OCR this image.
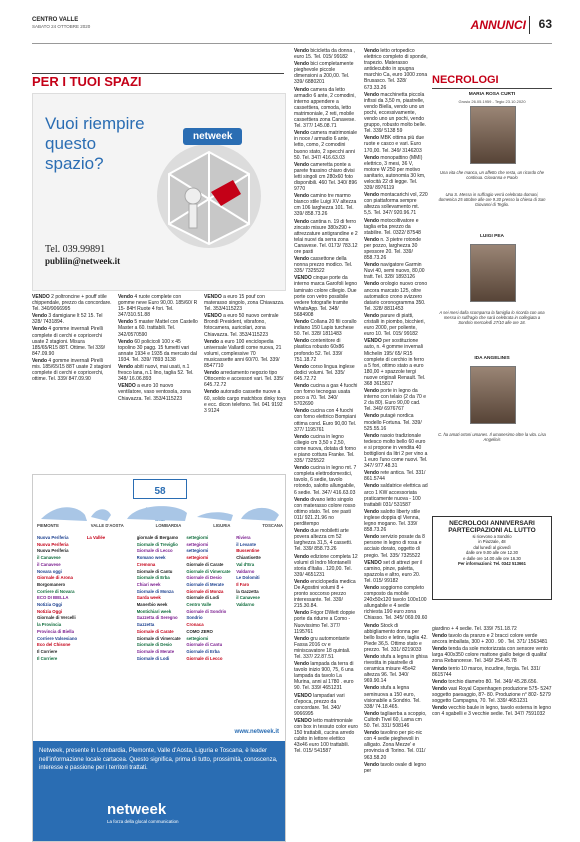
CENTRO VALLE
SABATO 24 OTTOBRE 2020	ANNUNCI 63
PER I TUOI SPAZI
Vuoi riempire questo spazio?
netweek
Tel. 039.99891
publiin@netweek.it
VENDO 2 poltroncine + pouff stile chippendale, prezzo da concordare. Tel. 340/9066995
Vendo 3 damigiane lt 52 15. Tel 328/ 7431894.
Vendo 4 gomme invernali Pirelli complete di cerchi e copricerchi usate 2 stagioni. Misura 185/65/R15 88T. Ottime. Tel 339/ 847.09.90
Vendo 4 gomme invernali Pirelli mis. 185/65/15 88T usate 2 stagioni complete di cerchi e copricerchi, ottime. Tel. 339/ 847.09.90
Vendo 4 ruote complete con gomme neve Euro 90,00. 185/60/ R 15- 84H Ruote 4 fori. Tel. 347/310.51.88
Vendo 5 master Mattel con Castello Master a 60. trattabili. Tel. 342/0570590
Vendo 60 policicoli 100 x 45 topolino 30 pagg. 15 fumetti vari annate 1934 e 1935 da mercato dal 1934. Tel. 339/ 7893 3138
Vendo abiti nuovi, mai usati, n.1 fresco lana, n.1 lino, taglia 52. Tel. 348/ 16.06.893
VENDO a euro 10 nuovo ventilatore, vaso ventosola, zona Chiavazza. Tel. 353/4115223
VENDO a euro 15 pouf con materasso singolo, zona Chiavazza. Tel. 353/4115223
VENDO a euro 50 nuovo centrale Brondi President, vibrafono, fotocamera, auricolari, zona Chiavazza. Tel. 353/4115223
Vendo a euro 100 enciclopedia universale Vallardi come nuova, 21 volumi, complessive 70 musicassette anni 60/70. Tel. 339/ 8547710
Vendo arredamento negozio tipo Ottocento e accessori vari. Tel. 335/ 645.72.72
Vendo autoradio cassette nuove a 60, solido cargo matchbox dinky toys e ecc. dicon telefono. Tel. 041 9192 3 9124
Vendo bicicletta da donna , euro 15. Tel. 015/ 99182
Vendo bici completamente pieghevole piccole dimensioni a 200,00. Tel. 339/ 6880201
Vendo camera da letto armadio 6 ante, 2 comodini, interno appendere a cassettiera, comoda, letto matrimoniale, 2 reti, mobile cassettiera zona Canavese. Tel. 377/ 145.08.71
Vendo camera matrimoniale in noce / armadio 6 ante, letto, como, 2 comodini buono stato, 2 specchi anni 50. Tel. 347/ 416.63.03
Vendo cameretta ponte a parete frassino chiaro divisi letti singoli cm 280x60 foto disponibili. 460 Tel. 340/ 896 9770
Vendo camino tre marmo bianco stile Luigi XV altezza cm 106 larghezza 101. Tel. 339/ 858.73.26
Vendo cantina n. 19 di ferro zincato misure 380x290 + attrezzature antigrandine e 2 telai nuovi da serra zona Canavese. Tel. 0173/ 783.12 ore pasti
Vendo cassettone della nonna prezzo modico. Tel. 335/ 7325522
VENDO cinque porte da interno marca Garofoli legno laminato colore ciliegio. Due porte con vetro possibile vedere fotografie tramite WhatsApp. Tel. 348/ 5684908
Vendo Collana 20 fili corallo indiano 150 Lapis turchese 50. Tel. 328/ 1811483
Vendo contenitore di plastica robusto 60x86 profondo 52. Tel. 339/ 751.18.72
Vendo corso lingua inglese dodici volumi. Tel. 335/ 645.72.72
Vendo cucina a gas 4 fuochi con forno tecnogas usata poco a 70. Tel. 340/ 5702690
Vendo cucina con 4 fuochi con forno elettrico Bompiani ottima cond. Euro 90,00 Tel. 377/ 1195761
Vendo cucina in legno ciliegio cm 3,50 x 2,50, come nuova, dotata di forno e piano cottura Franke. Tel. 335/ 7325522
Vendo cucina in legno mt. 7 completa elettrodomestici, tavolo, 6 sedie, tavolo rotondo, salotto allungabile, 6 sedie. Tel. 347/ 416.63.03
Vendo divano letto singolo con materasso colore rosso ottimo stato. Tel. ore pasti 011/ 921.21.96 no perditempo
Vendo due mobiletti arte povera altezza cm 52 larghezza 31,5, 4 cassetti. Tel. 339/ 858.73.26
Vendo edizione completa 12 volumi di Indro Montanelli storia d'Italia . 120,00. Tel. 339/ 4651231
Vendo enciclopedia medica De Agostini volumi 8 + pronto soccorso prezzo interessante. Tel. 339/ 215.30.84.
Vendo Frigor DWett doppie porte da ridurre a Como - Nuovissimo Tel. 377/ 1195761
Vendo gru automontante Fassa 2016 cv e miniscavatore 18 quintali. Tel. 337/ 22.87.51
Vendo lampada da terra di tavolo inizio 900, 75, 6 una lampada da tavolo La Murina, anni al 1780 . euro 90. Tel. 339/ 4651231
VENDO lampadari vari d'epoca, prezzo da concordare. Tel. 340/ 9066995
VENDO letto matrimoniale con box in tessuto color euro 150 trattabili, cucina arredo cubito in lettore elettico 43x46 euro 100 trattabili. Tel. 015/ 541587
Vendo letto ortopedico elettrico completo di sponde, trapezio. Materasso antidecubito in spugna marchio Ca, euro 1000 zona Brusasco. Tel. 328/ 673.33.26
Vendo macchinetta piccola infissi da 3,50 m, piastrelle, vendo Biella, vendo uno un pochi, eccessivamente, vendo uno un pochi, vendo gruppo, robusto molto belle. Tel. 339/ 5138 59
Vendo MBK ottima più due ruote e casco e vari. Euro 170,00. Tel. 349/ 3146203
Vendo monopattino (MMI) elettrico, 3 mesi, 36 V, motore W 250 per motivo sanitario, autonomia 30 km, velocità 22 di legge. Tel. 339/ 8976119
Vendo montacarichi vol, 220 con piattaforma sempre altezza sollevamento mt. 5,5. Tel. 347/ 920.96.71
Vendo motocoltivatore e taglia erba prezzo da stabilire. Tel. 0322/ 87548
Vendo n. 3 pietre rotonde per pozzo, larghezza 30 spessore 20. Tel. 339/ 858.73.26
Vendo navigatore Garmin Nuvi 40, semi nuovo, 80,00 tratt. Tel. 328/ 1893126
Vendo orologio nuovo crono ancora marcato 125, oltre automatico crono svizzero datario coronogramma 350. Tel. 328/ 8811453
Vendo parure di piatti, cristalli in piombo, bicchieri, euro 2000, per poliente, euro 10. Tel. 015/ 99182
VENDO per sostituzione auto, n. 4 gomme invernali Michelin 195/ 65/ R15 complete di cerchio in ferro a 5 fori, ottimo stato a euro 180,00 + spazzole tergi nuove originali Renault. Tel. 368 3615817
Vendo porte in legno da interno con telaio (2 da 70 e 2 da 80). Euro 90,00 cad. Tel. 340/ 6976767
Vendo putagè nordica modello Fortuna. Tel. 339/ 525.55.16
Vendo rasoio tradizionale tedesco molto bello 60 euro e si propone in vendita 40 bottiglioni da litri 2 per vino a 1 euro l'uno come nuovi. Tel. 347/ 977.48.31
Vendo rete antica. Tel. 331/ 861.5744
Vendo saldatrice elettrica ad arco 1 KW accessoriata praticamente nuova - 100 trattabili 031/ 531587
Vendo salotto liberty stile inglese doppia ql Vienna, legno mogano. Tel. 339/ 858.73.26
Vendo servizio posate da 8 persone in legno di rosa e acciaio dorato, oggetto di pregio. Tel. 335/ 7325522
VENDO set di attrezi per il camino, pinze, paletta, spazzola e altro, euro 20. Tel. 015/ 99182
Vendo soggiorno completo composto da mobile 240x50x120 tavolo 100x100 allungabile e 4 sedie richiesta 190 euro zona Chiasso. Tel. 345/ 069.09.60
Vendo Stock di abbigliamento donna per bello liscio e letino, taglia 42. Piede 36,5. Ottimo stato e prezzo. Tel. 331/ 8219033
Vendo stufa a legna in ghisa rivestita in piastrelle di ceramica misure 45x42 altezza 96. Tel. 340/ 969.90.14
Vendo stufa a legna seminuova a 150 euro, visionabile a Sondrio. Tel. 338/ 74.18.465.
Vendo tagliaerba a scoppio, Cultoth Tivel 60, Lama cm 50. Tel. 331/ 508146
Vendo tavolino per pic-nic con 4 sedie pieghevoli in alligato. Zona Mezze' e provincia di Torino. Tel. 011/ 963.58.20
Vendo tavolo ovale di legno per
giardino + 4 sedie. Tel. 339/ 751.18.72
Vendo tavolo da pranzo e 2 bracci colore verde ancora imballata, 300 + 200 . 90 . Tel. 371/ 1563481
Vendo tenda da sole motorizzata con sensore vento larga 400x350 colore mattone giallo beige di qualita' zona Rebanorese. Tel. 349/ 254.45.78
Vendo terrio 10 marce, incudine, forgia. Tel. 331/ 8615744
Vendo torchio diametro 80. Tel. 349/ 45.28.656.
Vendo vasi Royal Copenhagen produzione 575- 5247 soggetto paesaggio, 8?- 80. Produzione n° 802- 5279 soggetto Campagna, 70. Tel. 339/ 4651231
Vendo vecchio baule in legno, tavolo esterna in legno con 4 sgabelli e 3 vecchie sedie. Tel. 347/ 7591032
58
PIEMONTE	VALLE D'AOSTA	LOMBARDIA	LIGURIA	TOSCANA
Nuova Periferia
Nuova Periferia
Nuova Periferia
il Canavese
il Canavese
Novara oggi
Giornale di Arona
Borgomanero
Corriere di Novara
ECO DI BIELLA
Notizia Oggi
Notizia Oggi
Giornale di Vercelli
la Provincia
Provincia di Biella
Corriere Valsesiano
Eco del Chisone
Il Corriere
Il Corriere
La Vallée	giornale di Bergamo
Giornale di Treviglio
Giornale di Lecco
Romano week
Cremona
Giornale di Cantu
Giornale di Erba
Chiari week
Giornale di Monza
Garda week
Manerbio week
Montichiari week
Gazzetta di Seregno
Gazzetta
Giornale di Carate
Giornale di Vimercate
Giornale di Desio
Giornale di Merate
Giornale di Lodi
settegiorni
settegiorni
settegiorni
settegiorni
Giornale di Carate
Giornale di Vimercate
Giornale di Desio
Giornale di Merate
Giornale di Monza
Giornale di Lodi
Centro Valle
Giornale di Sondrio
Sondrio
Cronaca
COMO ZERO
settegiorni
Giornale di Cantu
Giornale di Erba
Giornale di Lecco
Riviera
il Levante
Bussentine
Chiantisette
Val d'Era
Valdarno
Le Dolomiti
Il Faro
la Gazzetta
il Canavese
Valdarno
www.netweek.it

Netweek, presente in Lombardia, Piemonte, Valle d'Aosta, Liguria e Toscana, è leader nell'informazione locale cartacea. Questo significa, prima di tutto, prossimità, conoscenza, interesse e passione per i territori trattati.

netweek
La forza della glocal communication
NECROLOGI
MARIA ROSA CURTI
Grosio 26.05.1959 - Tegio 23.10.2020
Una vita che manca, un affetto che resta, un ricordo che continua. Giovanna e Paolo
Una S. Messa in suffragio verrà celebrata domani, domenica 25 ottobre alle ore 9.30 presso la chiesa di San Giovanni di Teglio.
LUIGI PEA
A sei mesi dalla scomparsa la famiglia lo ricorda con una messa in suffragio che sarà celebrata in collegiata a Sondrio mercoledì 27/10 alle ore 18.
IDA ANGELINIS
C. ha amati ortoni umanes. Il umanesimo oltre la vita. Lisa Angelinis
NECROLOGI ANNIVERSARI PARTECIPAZIONI AL LUTTO

si ricevono a Sondrio

in Piazzale, 48

dal lunedì al giovedì

dalle ore 9.00 alle ore 12.30

e dalle ore 14.00 alle ore 16.30

Per informazioni: Tel. 0342 513661
